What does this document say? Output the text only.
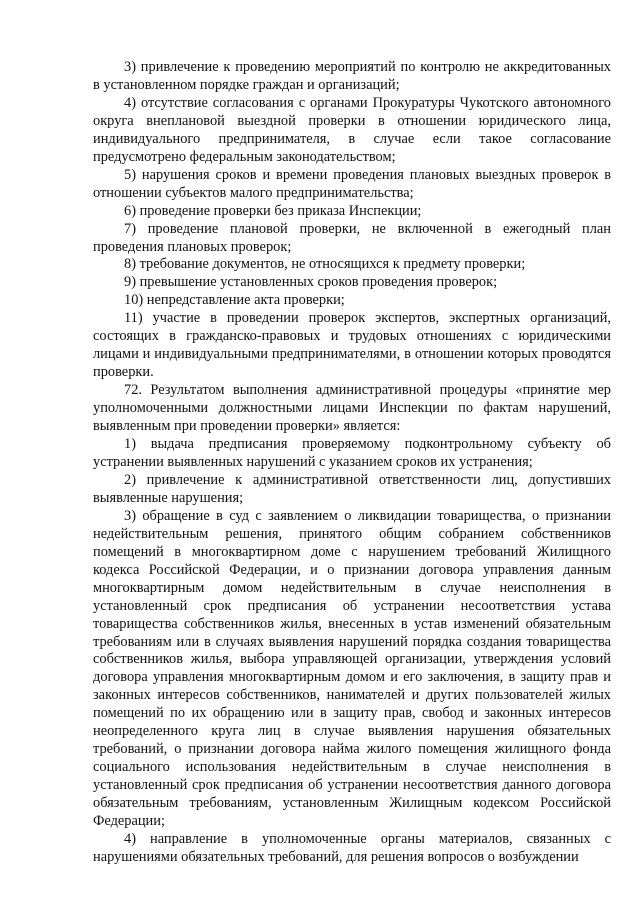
3) привлечение к проведению мероприятий по контролю не аккредитованных в установленном порядке граждан и организаций;

4) отсутствие согласования с органами Прокуратуры Чукотского автономного округа внеплановой выездной проверки в отношении юридического лица, индивидуального предпринимателя, в случае если такое согласование предусмотрено федеральным законодательством;

5) нарушения сроков и времени проведения плановых выездных проверок в отношении субъектов малого предпринимательства;

6) проведение проверки без приказа Инспекции;

7) проведение плановой проверки, не включенной в ежегодный план проведения плановых проверок;

8) требование документов, не относящихся к предмету проверки;

9) превышение установленных сроков проведения проверок;

10) непредставление акта проверки;

11) участие в проведении проверок экспертов, экспертных организаций, состоящих в гражданско-правовых и трудовых отношениях с юридическими лицами и индивидуальными предпринимателями, в отношении которых проводятся проверки.

72. Результатом выполнения административной процедуры «принятие мер уполномоченными должностными лицами Инспекции по фактам нарушений, выявленным при проведении проверки» является:

1) выдача предписания проверяемому подконтрольному субъекту об устранении выявленных нарушений с указанием сроков их устранения;

2) привлечение к административной ответственности лиц, допустивших выявленные нарушения;

3) обращение в суд с заявлением о ликвидации товарищества, о признании недействительным решения, принятого общим собранием собственников помещений в многоквартирном доме с нарушением требований Жилищного кодекса Российской Федерации, и о признании договора управления данным многоквартирным домом недействительным в случае неисполнения в установленный срок предписания об устранении несоответствия устава товарищества собственников жилья, внесенных в устав изменений обязательным требованиям или в случаях выявления нарушений порядка создания товарищества собственников жилья, выбора управляющей организации, утверждения условий договора управления многоквартирным домом и его заключения, в защиту прав и законных интересов собственников, нанимателей и других пользователей жилых помещений по их обращению или в защиту прав, свобод и законных интересов неопределенного круга лиц в случае выявления нарушения обязательных требований, о признании договора найма жилого помещения жилищного фонда социального использования недействительным в случае неисполнения в установленный срок предписания об устранении несоответствия данного договора обязательным требованиям, установленным Жилищным кодексом Российской Федерации;

4) направление в уполномоченные органы материалов, связанных с нарушениями обязательных требований, для решения вопросов о возбуждении
